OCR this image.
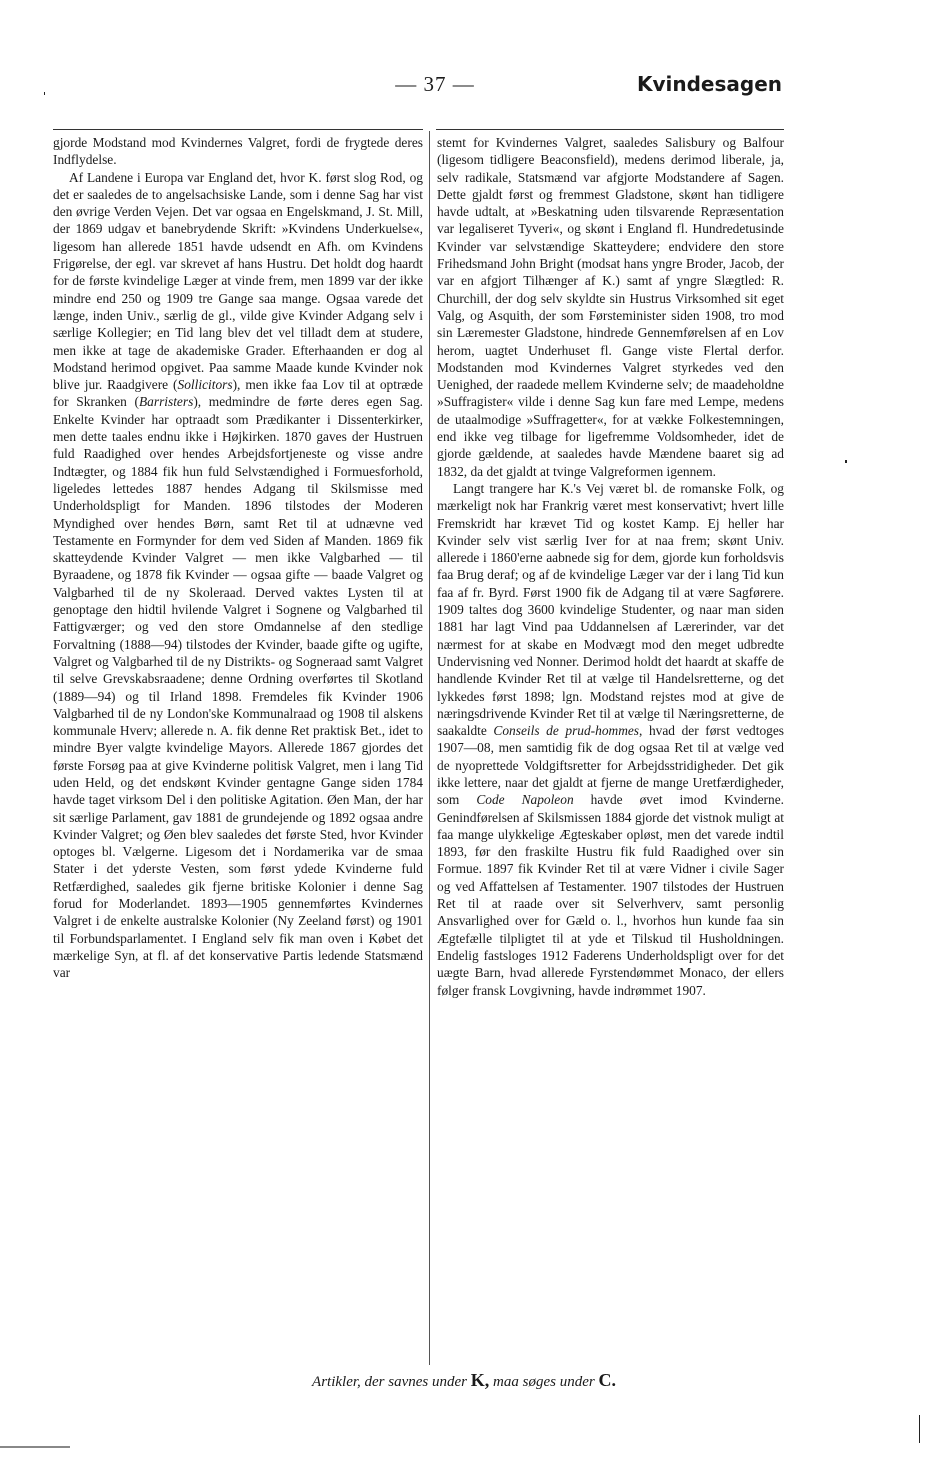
— 37 —	Kvindesagen

gjorde Modstand mod Kvindernes Valgret, fordi de frygtede deres Indflydelse.

Af Landene i Europa var England det, hvor K. først slog Rod, og det er saaledes de to angelsachsiske Lande, som i denne Sag har vist den øvrige Verden Vejen. Det var ogsaa en Engelskmand, J. St. Mill, der 1869 udgav et banebrydende Skrift: »Kvindens Underkuelse«, ligesom han allerede 1851 havde udsendt en Afh. om Kvindens Frigørelse, der egl. var skrevet af hans Hustru. Det holdt dog haardt for de første kvindelige Læger at vinde frem, men 1899 var der ikke mindre end 250 og 1909 tre Gange saa mange. Ogsaa varede det længe, inden Univ., særlig de gl., vilde give Kvinder Adgang selv i særlige Kollegier; en Tid lang blev det vel tilladt dem at studere, men ikke at tage de akademiske Grader. Efterhaanden er dog al Modstand herimod opgivet. Paa samme Maade kunde Kvinder nok blive jur. Raadgivere (Sollicitors), men ikke faa Lov til at optræde for Skranken (Barristers), medmindre de førte deres egen Sag. Enkelte Kvinder har optraadt som Prædikanter i Dissenterkirker, men dette taales endnu ikke i Højkirken. 1870 gaves der Hustruen fuld Raadighed over hendes Arbejdsfortjeneste og visse andre Indtægter, og 1884 fik hun fuld Selvstændighed i Formuesforhold, ligeledes lettedes 1887 hendes Adgang til Skilsmisse med Underholdspligt for Manden. 1896 tilstodes der Moderen Myndighed over hendes Børn, samt Ret til at udnævne ved Testamente en Formynder for dem ved Siden af Manden. 1869 fik skatteydende Kvinder Valgret — men ikke Valgbarhed — til Byraadene, og 1878 fik Kvinder — ogsaa gifte — baade Valgret og Valgbarhed til de ny Skoleraad. Derved vaktes Lysten til at genoptage den hidtil hvilende Valgret i Sognene og Valgbarhed til Fattigværger; og ved den store Omdannelse af den stedlige Forvaltning (1888—94) tilstodes der Kvinder, baade gifte og ugifte, Valgret og Valgbarhed til de ny Distrikts- og Sogneraad samt Valgret til selve Grevskabsraadene; denne Ordning overførtes til Skotland (1889—94) og til Irland 1898. Fremdeles fik Kvinder 1906 Valgbarhed til de ny London'ske Kommunalraad og 1908 til alskens kommunale Hverv; allerede n. A. fik denne Ret praktisk Bet., idet to mindre Byer valgte kvindelige Mayors. Allerede 1867 gjordes det første Forsøg paa at give Kvinderne politisk Valgret, men i lang Tid uden Held, og det endskønt Kvinder gentagne Gange siden 1784 havde taget virksom Del i den politiske Agitation. Øen Man, der har sit særlige Parlament, gav 1881 de grundejende og 1892 ogsaa andre Kvinder Valgret; og Øen blev saaledes det første Sted, hvor Kvinder optoges bl. Vælgerne. Ligesom det i Nordamerika var de smaa Stater i det yderste Vesten, som først ydede Kvinderne fuld Retfærdighed, saaledes gik fjerne britiske Kolonier i denne Sag forud for Moderlandet. 1893—1905 gennemførtes Kvindernes Valgret i de enkelte australske Kolonier (Ny Zeeland først) og 1901 til Forbundsparlamentet. I England selv fik man oven i Købet det mærkelige Syn, at fl. af det konservative Partis ledende Statsmænd var

stemt for Kvindernes Valgret, saaledes Salisbury og Balfour (ligesom tidligere Beaconsfield), medens derimod liberale, ja, selv radikale, Statsmænd var afgjorte Modstandere af Sagen. Dette gjaldt først og fremmest Gladstone, skønt han tidligere havde udtalt, at »Beskatning uden tilsvarende Repræsentation var legaliseret Tyveri«, og skønt i England fl. Hundredetusinde Kvinder var selvstændige Skatteydere; endvidere den store Frihedsmand John Bright (modsat hans yngre Broder, Jacob, der var en afgjort Tilhænger af K.) samt af yngre Slægtled: R. Churchill, der dog selv skyldte sin Hustrus Virksomhed sit eget Valg, og Asquith, der som Førsteminister siden 1908, tro mod sin Læremester Gladstone, hindrede Gennemførelsen af en Lov herom, uagtet Underhuset fl. Gange viste Flertal derfor. Modstanden mod Kvindernes Valgret styrkedes ved den Uenighed, der raadede mellem Kvinderne selv; de maadeholdne »Suffragister« vilde i denne Sag kun fare med Lempe, medens de utaalmodige »Suffragetter«, for at vække Folkestemningen, end ikke veg tilbage for ligefremme Voldsomheder, idet de gjorde gældende, at saaledes havde Mændene baaret sig ad 1832, da det gjaldt at tvinge Valgreformen igennem.

Langt trangere har K.'s Vej været bl. de romanske Folk, og mærkeligt nok har Frankrig været mest konservativt; hvert lille Fremskridt har krævet Tid og kostet Kamp. Ej heller har Kvinder selv vist særlig Iver for at naa frem; skønt Univ. allerede i 1860'erne aabnede sig for dem, gjorde kun forholdsvis faa Brug deraf; og af de kvindelige Læger var der i lang Tid kun faa af fr. Byrd. Først 1900 fik de Adgang til at være Sagførere. 1909 taltes dog 3600 kvindelige Studenter, og naar man siden 1881 har lagt Vind paa Uddannelsen af Lærerinder, var det nærmest for at skabe en Modvægt mod den meget udbredte Undervisning ved Nonner. Derimod holdt det haardt at skaffe de handlende Kvinder Ret til at vælge til Handelsretterne, og det lykkedes først 1898; lgn. Modstand rejstes mod at give de næringsdrivende Kvinder Ret til at vælge til Næringsretterne, de saakaldte Conseils de prud-hommes, hvad der først vedtoges 1907—08, men samtidig fik de dog ogsaa Ret til at vælge ved de nyoprettede Voldgiftsretter for Arbejdsstridigheder. Det gik ikke lettere, naar det gjaldt at fjerne de mange Uretfærdigheder, som Code Napoleon havde øvet imod Kvinderne. Genindførelsen af Skilsmissen 1884 gjorde det vistnok muligt at faa mange ulykkelige Ægteskaber opløst, men det varede indtil 1893, før den fraskilte Hustru fik fuld Raadighed over sin Formue. 1897 fik Kvinder Ret til at være Vidner i civile Sager og ved Affattelsen af Testamenter. 1907 tilstodes der Hustruen Ret til at raade over sit Selverhverv, samt personlig Ansvarlighed over for Gæld o. l., hvorhos hun kunde faa sin Ægtefælle tilpligtet til at yde et Tilskud til Husholdningen. Endelig fastsloges 1912 Faderens Underholdspligt over for det uægte Barn, hvad allerede Fyrstendømmet Monaco, der ellers følger fransk Lovgivning, havde indrømmet 1907.

Artikler, der savnes under K, maa søges under C.
